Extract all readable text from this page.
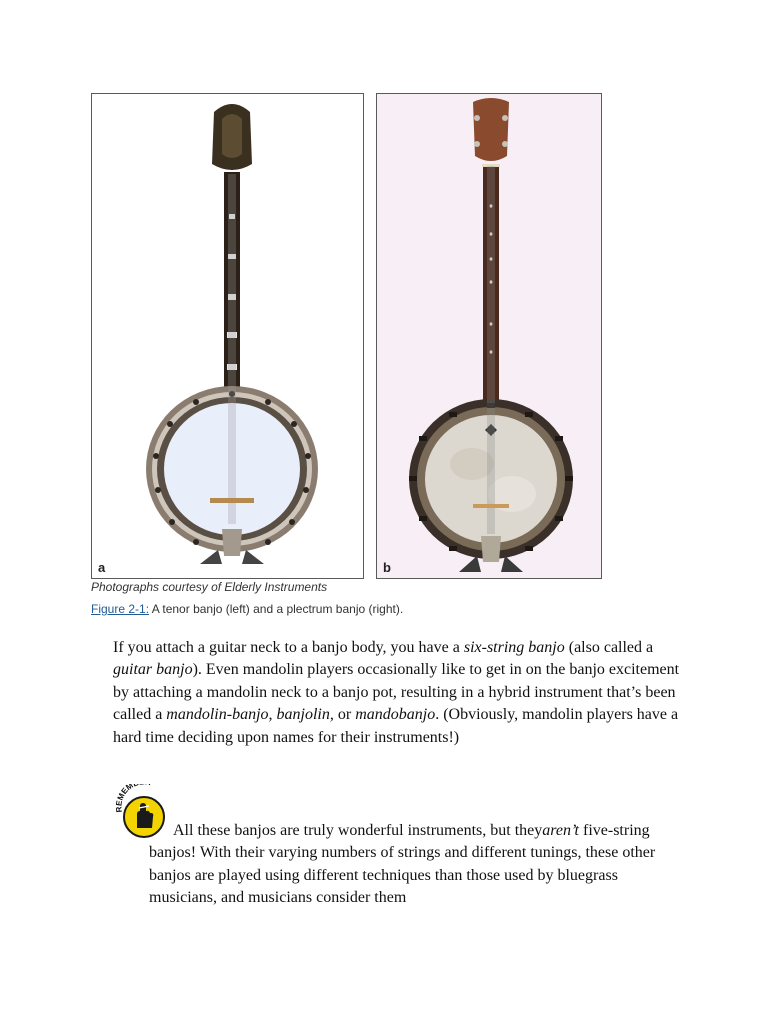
a	b
Photographs courtesy of Elderly Instruments
Figure 2-1: A tenor banjo (left) and a plectrum banjo (right).

If you attach a guitar neck to a banjo body, you have a six-string banjo (also called a guitar banjo). Even mandolin players occasionally like to get in on the banjo excitement by attaching a mandolin neck to a banjo pot, resulting in a hybrid instrument that’s been called a mandolin-banjo, banjolin, or mandobanjo. (Obviously, mandolin players have a hard time deciding upon names for their instruments!)

MEM

All these banjos are truly wonderful instruments, but theyaren’t five-string banjos! With their varying numbers of strings and different tunings, these other banjos are played using different techniques than those used by bluegrass musicians, and musicians consider them
